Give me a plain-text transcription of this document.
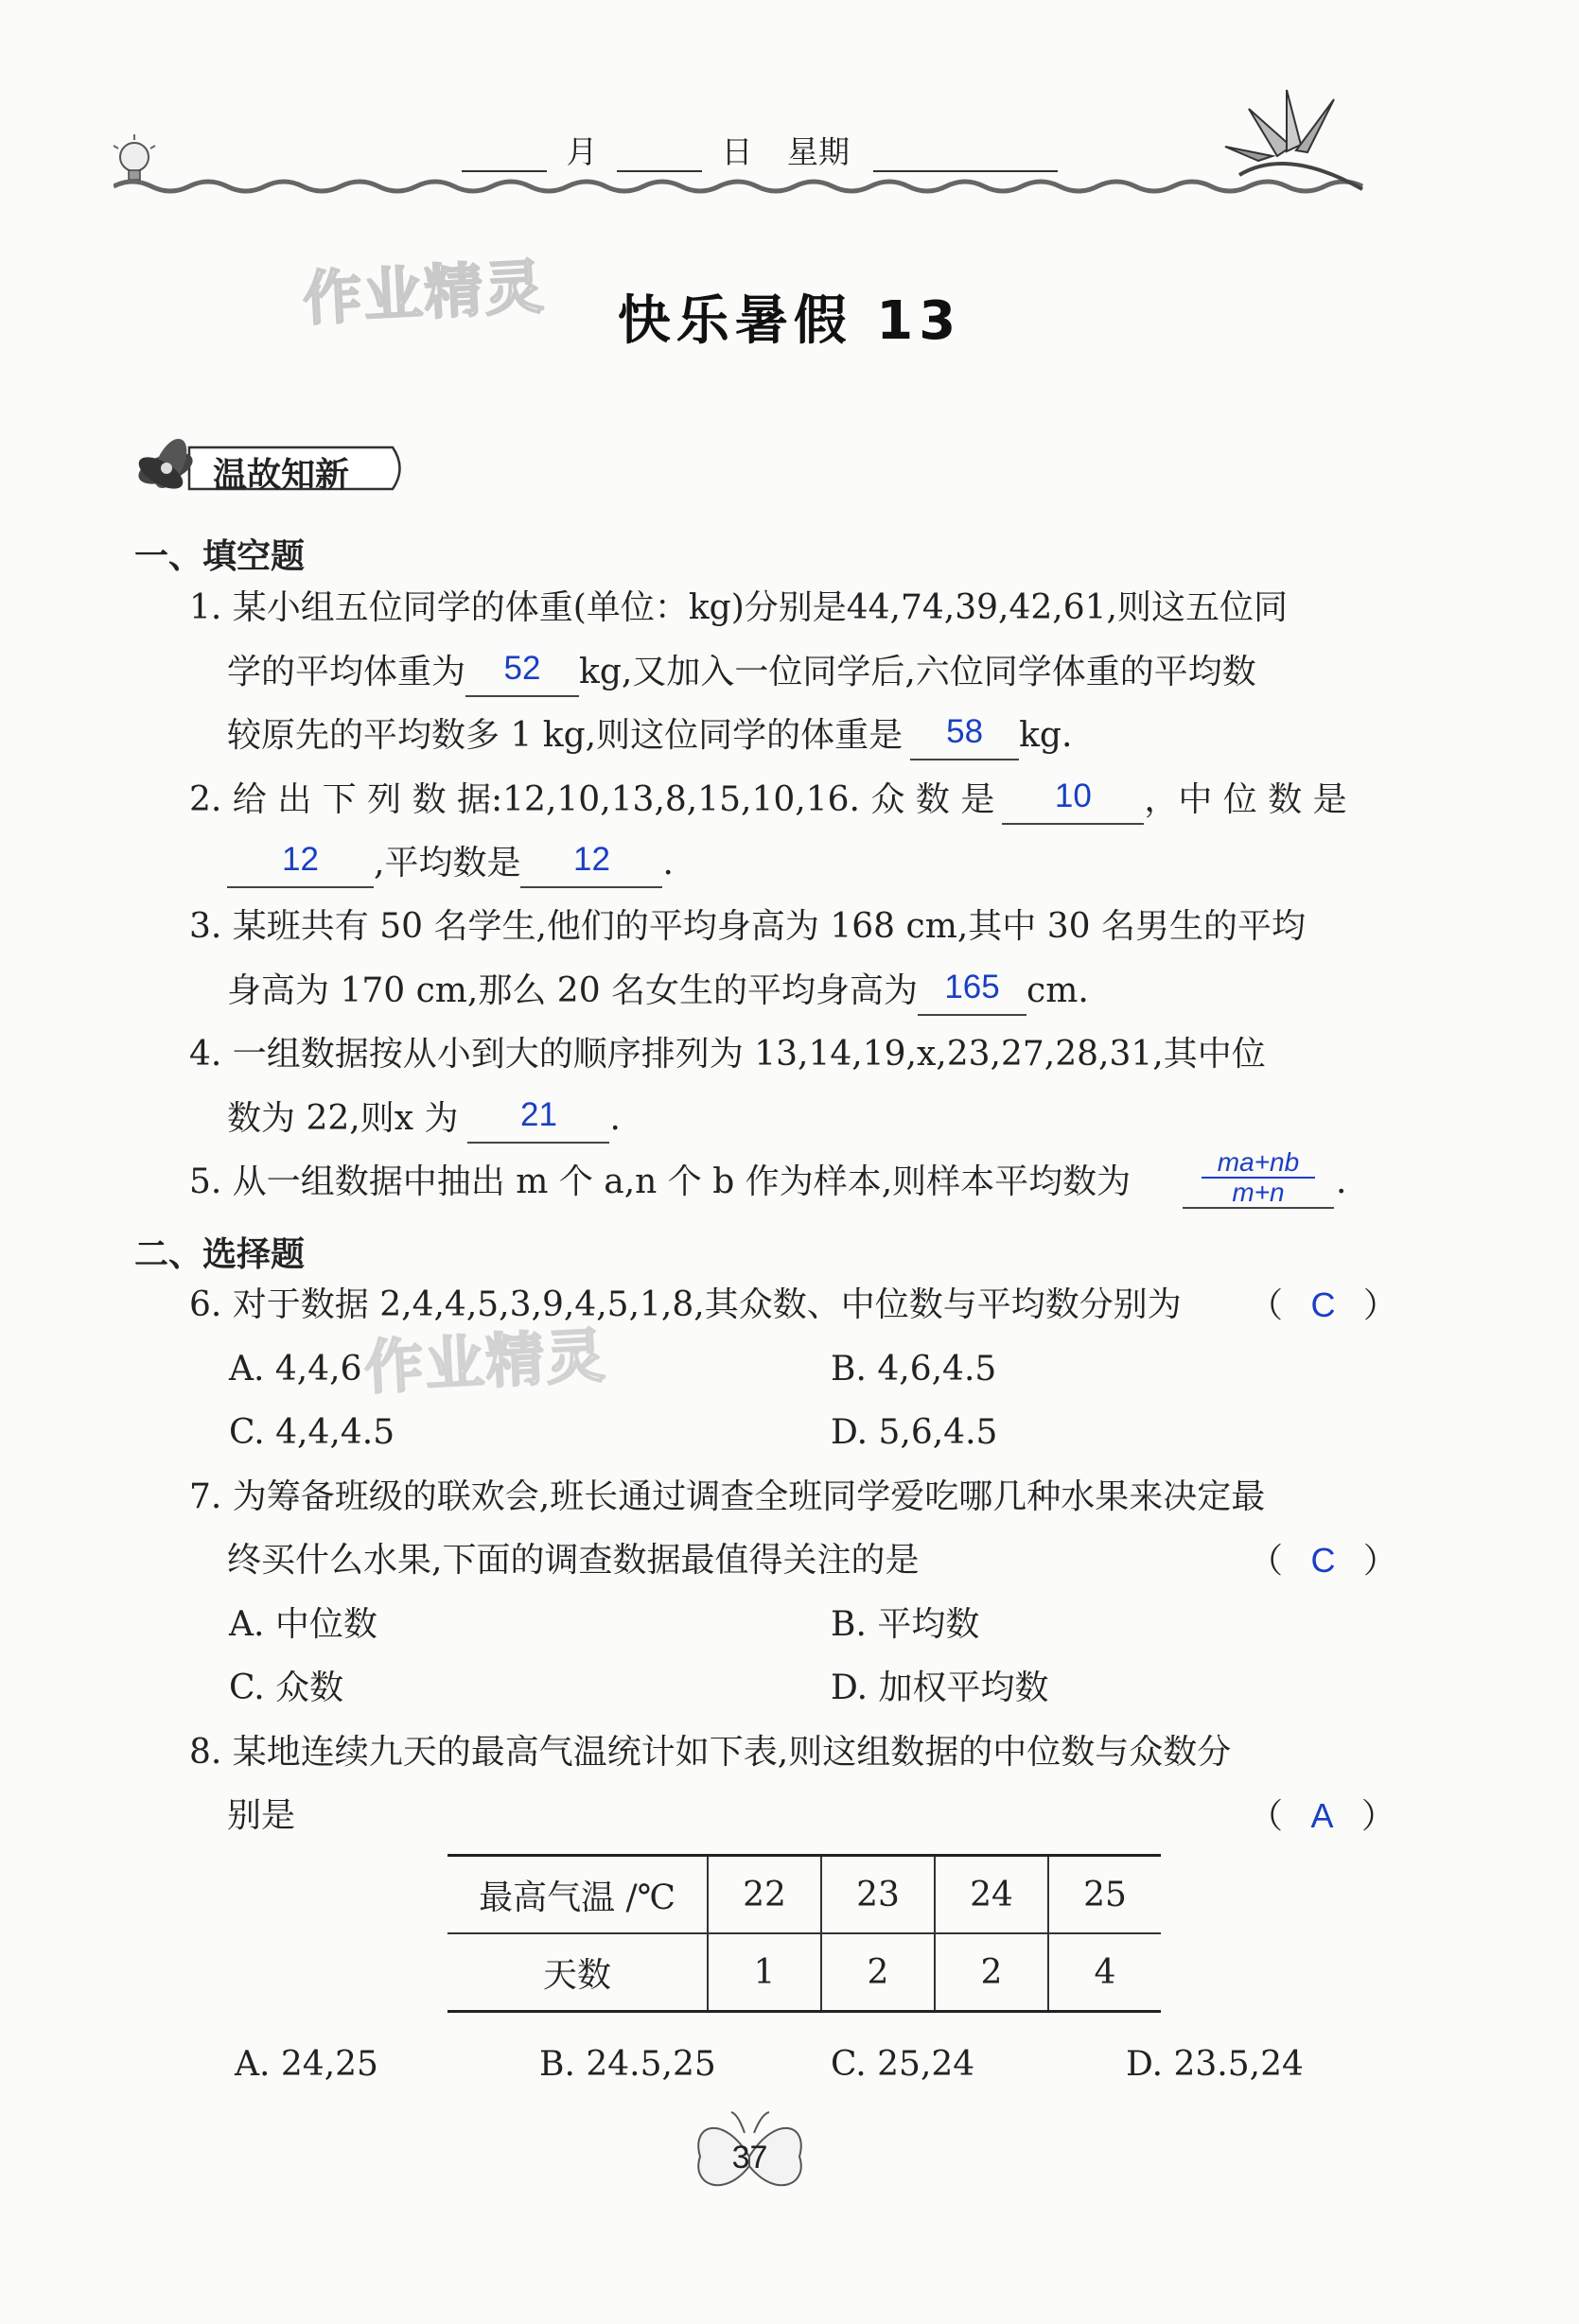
月	日 星期
作业精灵
作业精灵
快乐暑假 13
温故知新
一、填空题
1. 某小组五位同学的体重(单位：kg)分别是44,74,39,42,61,则这五位同
学的平均体重为 52 kg,又加入一位同学后,六位同学体重的平均数
较原先的平均数多 1 kg,则这位同学的体重是 58 kg.
2. 给 出 下 列 数 据:12,10,13,8,15,10,16. 众 数 是 10 ，中 位 数 是
12 ,平均数是 12 .
3. 某班共有 50 名学生,他们的平均身高为 168 cm,其中 30 名男生的平均
身高为 170 cm,那么 20 名女生的平均身高为 165 cm.
4. 一组数据按从小到大的顺序排列为 13,14,19,x,23,27,28,31,其中位
数为 22,则x 为 21 .
5. 从一组数据中抽出 m 个 a,n 个 b 作为样本,则样本平均数为
ma+nb
m+n	.
二、选择题
6. 对于数据 2,4,4,5,3,9,4,5,1,8,其众数、中位数与平均数分别为 （ C ）
A. 4,4,6	B. 4,6,4.5
C. 4,4,4.5	D. 5,6,4.5
7. 为筹备班级的联欢会,班长通过调查全班同学爱吃哪几种水果来决定最
终买什么水果,下面的调查数据最值得关注的是	（ C ）
A. 中位数	B. 平均数
C. 众数	D. 加权平均数
8. 某地连续九天的最高气温统计如下表,则这组数据的中位数与众数分
别是	（ A ）
最高气温 /℃	22	23	24	25
天数	1	2	2	4
A. 24,25	B. 24.5,25	C. 25,24	D. 23.5,24
37
